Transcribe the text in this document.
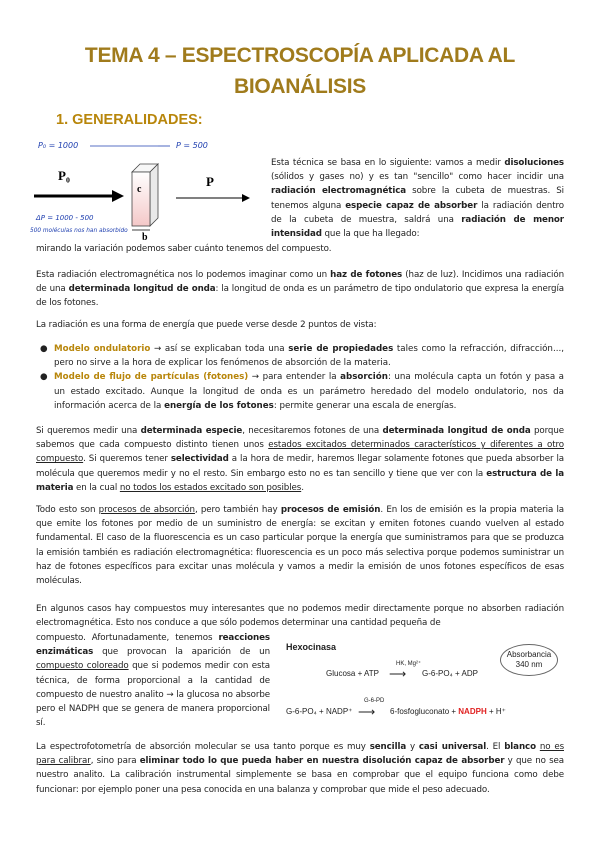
TEMA 4 – ESPECTROSCOPÍA APLICADA AL BIOANÁLISIS
1. GENERALIDADES:
P₀ = 1000	P = 500
P₀
c
b
P
ΔP = 1000 - 500
500 moléculas nos han absorbido

Esta técnica se basa en lo siguiente: vamos a medir disoluciones (sólidos y gases no) y es tan "sencillo" como hacer incidir una radiación electromagnética sobre la cubeta de muestras. Si tenemos alguna especie capaz de absorber la radiación dentro de la cubeta de muestra, saldrá una radiación de menor intensidad que la que ha llegado:

mirando la variación podemos saber cuánto tenemos del compuesto.

Esta radiación electromagnética nos lo podemos imaginar como un haz de fotones (haz de luz). Incidimos una radiación de una determinada longitud de onda: la longitud de onda es un parámetro de tipo ondulatorio que expresa la energía de los fotones.

La radiación es una forma de energía que puede verse desde 2 puntos de vista:

● Modelo ondulatorio → así se explicaban toda una serie de propiedades tales como la refracción, difracción..., pero no sirve a la hora de explicar los fenómenos de absorción de la materia.
● Modelo de flujo de partículas (fotones) → para entender la absorción: una molécula capta un fotón y pasa a un estado excitado. Aunque la longitud de onda es un parámetro heredado del modelo ondulatorio, nos da información acerca de la energía de los fotones: permite generar una escala de energías.

Si queremos medir una determinada especie, necesitaremos fotones de una determinada longitud de onda porque sabemos que cada compuesto distinto tienen unos estados excitados determinados característicos y diferentes a otro compuesto. Si queremos tener selectividad a la hora de medir, haremos llegar solamente fotones que pueda absorber la molécula que queremos medir y no el resto. Sin embargo esto no es tan sencillo y tiene que ver con la estructura de la materia en la cual no todos los estados excitado son posibles.

Todo esto son procesos de absorción, pero también hay procesos de emisión. En los de emisión es la propia materia la que emite los fotones por medio de un suministro de energía: se excitan y emiten fotones cuando vuelven al estado fundamental. El caso de la fluorescencia es un caso particular porque la energía que suministramos para que se produzca la emisión también es radiación electromagnética: fluorescencia es un poco más selectiva porque podemos suministrar un haz de fotones específicos para excitar unas molécula y vamos a medir la emisión de unos fotones específicos de esas moléculas.

En algunos casos hay compuestos muy interesantes que no podemos medir directamente porque no absorben radiación electromagnética. Esto nos conduce a que sólo podemos determinar una cantidad pequeña de

compuesto. Afortunadamente, tenemos reacciones enzimáticas que provocan la aparición de un compuesto coloreado que si podemos medir con esta técnica, de forma proporcional a la cantidad de compuesto de nuestro analito → la glucosa no absorbe pero el NADPH que se genera de manera proporcional sí.

Hexocinasa
Absorbancia
340 nm
Glucosa + ATP
HK, Mg²⁺
⟶ G-6-PO₄ + ADP
G-6-PO₄ + NADP⁺
G-6-PD
⟶ 6-fosfogluconato + NADPH + H⁺

La espectrofotometría de absorción molecular se usa tanto porque es muy sencilla y casi universal. El blanco no es para calibrar, sino para eliminar todo lo que pueda haber en nuestra disolución capaz de absorber y que no sea nuestro analito. La calibración instrumental simplemente se basa en comprobar que el equipo funciona como debe funcionar: por ejemplo poner una pesa conocida en una balanza y comprobar que mide el peso adecuado.
